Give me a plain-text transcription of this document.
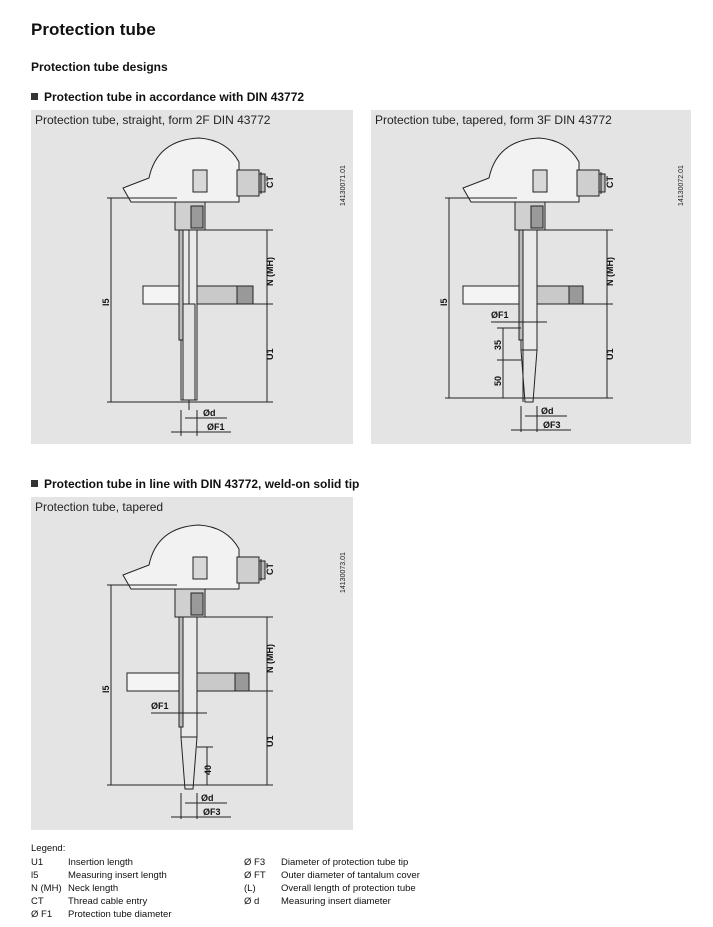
Protection tube
Protection tube designs
Protection tube in accordance with DIN 43772
Protection tube, straight, form 2F DIN 43772
CT
N (MH)
l5
U1
Ød
ØF1
14130071.01
Protection tube, tapered, form 3F DIN 43772
CT
N (MH)
l5
U1
ØF1
35
50
Ød
ØF3
14130072.01
Protection tube in line with DIN 43772, weld-on solid tip
Protection tube, tapered
CT
N (MH)
l5
U1
ØF1
40
Ød
ØF3
14130073.01
Legend:
U1	Insertion length
l5	Measuring insert length
N (MH) Neck length
CT	Thread cable entry
Ø F1 Protection tube diameter
Ø F3 Diameter of protection tube tip
Ø FT Outer diameter of tantalum cover
(L)	Overall length of protection tube
Ø d Measuring insert diameter
